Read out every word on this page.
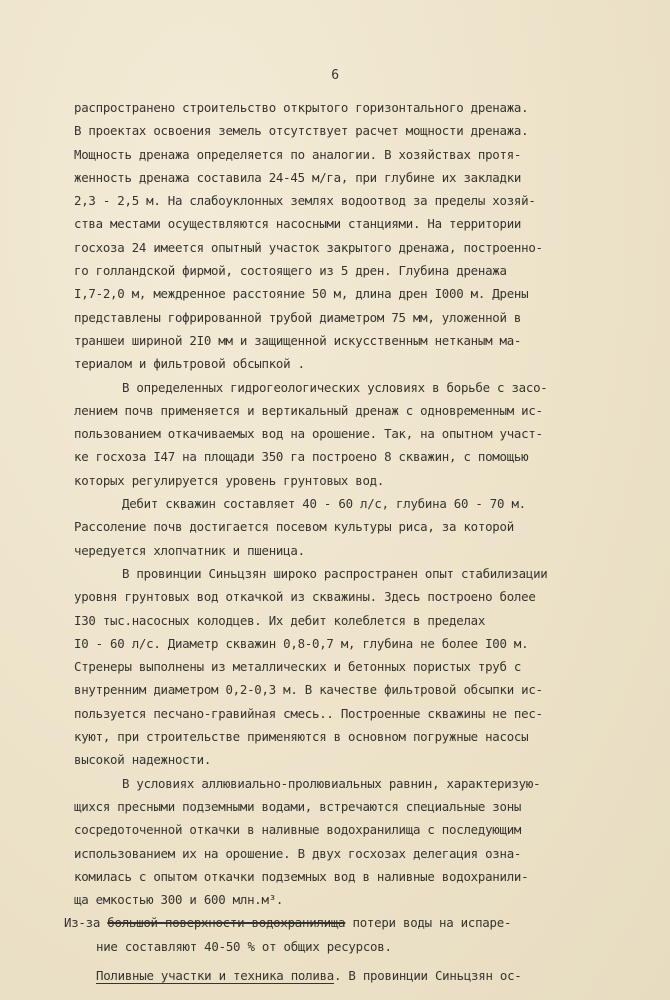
6
распространено строительство открытого горизонтального дренажа.
В проектах освоения земель отсутствует расчет мощности дренажа.
Мощность дренажа определяется по аналогии. В хозяйствах протя-
женность дренажа составила 24-45 м/га, при глубине их закладки
2,3 - 2,5 м. На слабоуклонных землях водоотвод за пределы хозяй-
ства местами осуществляются насосными станциями. На территории
госхоза 24 имеется опытный участок закрытого дренажа, построенно-
го голландской фирмой, состоящего из 5 дрен. Глубина дренажа
I,7-2,0 м, междренное расстояние 50 м, длина дрен I000 м. Дрены
представлены гофрированной трубой диаметром 75 мм, уложенной в
траншеи шириной 2I0 мм и защищенной искусственным нетканым ма-
териалом и фильтровой обсыпкой .
В определенных гидрогеологических условиях в борьбе с засо-
лением почв применяется и вертикальный дренаж с одновременным ис-
пользованием откачиваемых вод на орошение. Так, на опытном участ-
ке госхоза I47 на площади 350 га построено 8 скважин, с помощью
которых регулируется уровень грунтовых вод.
Дебит скважин составляет 40 - 60 л/с, глубина 60 - 70 м.
Рассоление почв достигается посевом культуры риса, за которой
чередуется хлопчатник и пшеница.
В провинции Синьцзян широко распространен опыт стабилизации
уровня грунтовых вод откачкой из скважины. Здесь построено более
I30 тыс.насосных колодцев. Их дебит колеблется в пределах
I0 - 60 л/с. Диаметр скважин 0,8-0,7 м, глубина не более I00 м.
Стренеры выполнены из металлических и бетонных пористых труб с
внутренним диаметром 0,2-0,3 м. В качестве фильтровой обсыпки ис-
пользуется песчано-гравийная смесь.. Построенные скважины не пес-
куют, при строительстве применяются в основном погружные насосы
высокой надежности.
В условиях аллювиально-пролювиальных равнин, характеризую-
щихся пресными подземными водами, встречаются специальные зоны
сосредоточенной откачки в наливные водохранилища с последующим
использованием их на орошение. В двух госхозах делегация озна-
комилась с опытом откачки подземных вод в наливные водохранили-
ща емкостью 300 и 600 млн.м³.
Из-за большой поверхности водохранилища потери воды на испаре-
ние составляют 40-50 % от общих ресурсов.
Поливные участки и техника полива. В провинции Синьцзян ос-
